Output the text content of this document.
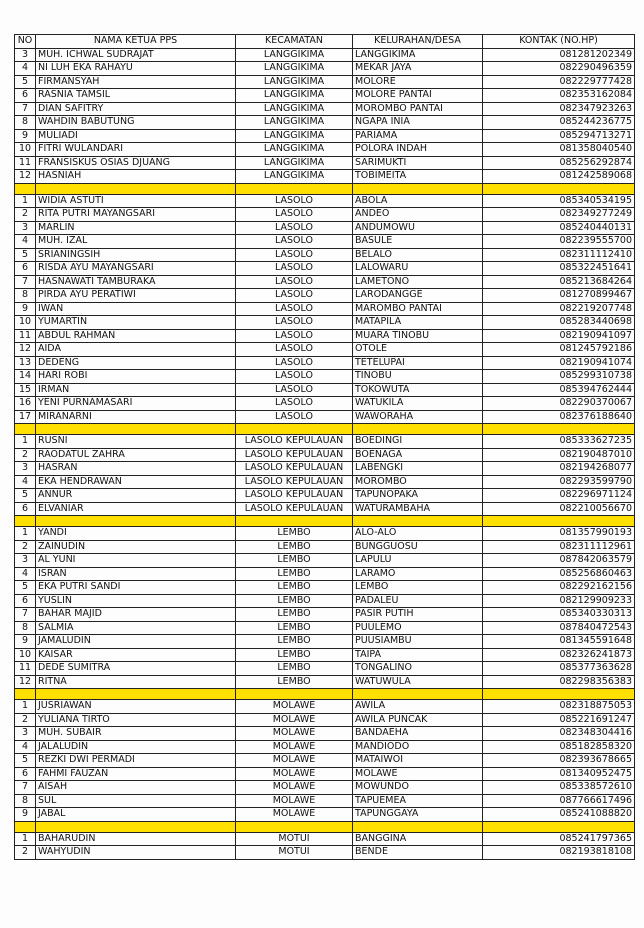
NO	NAMA KETUA PPS	KECAMATAN	KELURAHAN/DESA	KONTAK (NO.HP)
3	MUH. ICHWAL SUDRAJAT	LANGGIKIMA	LANGGIKIMA	081281202349
4	NI LUH EKA RAHAYU	LANGGIKIMA	MEKAR JAYA	082290496359
5	FIRMANSYAH	LANGGIKIMA	MOLORE	082229777428
6	RASNIA TAMSIL	LANGGIKIMA	MOLORE PANTAI	082353162084
7	DIAN SAFITRY	LANGGIKIMA	MOROMBO PANTAI	082347923263
8	WAHDIN BABUTUNG	LANGGIKIMA	NGAPA INIA	085244236775
9	MULIADI	LANGGIKIMA	PARIAMA	085294713271
10	FITRI WULANDARI	LANGGIKIMA	POLORA INDAH	081358040540
11	FRANSISKUS OSIAS DJUANG	LANGGIKIMA	SARIMUKTI	085256292874
12	HASNIAH	LANGGIKIMA	TOBIMEITA	081242589068

1	WIDIA ASTUTI	LASOLO	ABOLA	085340534195
2	RITA PUTRI MAYANGSARI	LASOLO	ANDEO	082349277249
3	MARLIN	LASOLO	ANDUMOWU	085240440131
4	MUH. IZAL	LASOLO	BASULE	082239555700
5	SRIANINGSIH	LASOLO	BELALO	082311112410
6	RISDA AYU MAYANGSARI	LASOLO	LALOWARU	085322451641
7	HASNAWATI TAMBURAKA	LASOLO	LAMETONO	085213684264
8	PIRDA AYU PERATIWI	LASOLO	LARODANGGE	081270899467
9	IWAN	LASOLO	MAROMBO PANTAI	082219207748
10	YUMARTIN	LASOLO	MATAPILA	085283440698
11	ABDUL RAHMAN	LASOLO	MUARA TINOBU	082190941097
12	AIDA	LASOLO	OTOLE	081245792186
13	DEDENG	LASOLO	TETELUPAI	082190941074
14	HARI ROBI	LASOLO	TINOBU	085299310738
15	IRMAN	LASOLO	TOKOWUTA	085394762444
16	YENI PURNAMASARI	LASOLO	WATUKILA	082290370067
17	MIRANARNI	LASOLO	WAWORAHA	082376188640

1	RUSNI	LASOLO KEPULAUAN	BOEDINGI	085333627235
2	RAODATUL ZAHRA	LASOLO KEPULAUAN	BOENAGA	082190487010
3	HASRAN	LASOLO KEPULAUAN	LABENGKI	082194268077
4	EKA HENDRAWAN	LASOLO KEPULAUAN	MOROMBO	082293599790
5	ANNUR	LASOLO KEPULAUAN	TAPUNOPAKA	082296971124
6	ELVANIAR	LASOLO KEPULAUAN	WATURAMBAHA	082210056670

1	YANDI	LEMBO	ALO-ALO	081357990193
2	ZAINUDIN	LEMBO	BUNGGUOSU	082311112961
3	AL YUNI	LEMBO	LAPULU	087842063579
4	ISRAN	LEMBO	LARAMO	085256860463
5	EKA PUTRI SANDI	LEMBO	LEMBO	082292162156
6	YUSLIN	LEMBO	PADALEU	082129909233
7	BAHAR MAJID	LEMBO	PASIR PUTIH	085340330313
8	SALMIA	LEMBO	PUULEMO	087840472543
9	JAMALUDIN	LEMBO	PUUSIAMBU	081345591648
10	KAISAR	LEMBO	TAIPA	082326241873
11	DEDE SUMITRA	LEMBO	TONGALINO	085377363628
12	RITNA	LEMBO	WATUWULA	082298356383

1	JUSRIAWAN	MOLAWE	AWILA	082318875053
2	YULIANA TIRTO	MOLAWE	AWILA PUNCAK	085221691247
3	MUH. SUBAIR	MOLAWE	BANDAEHA	082348304416
4	JALALUDIN	MOLAWE	MANDIODO	085182858320
5	REZKI DWI PERMADI	MOLAWE	MATAIWOI	082393678665
6	FAHMI FAUZAN	MOLAWE	MOLAWE	081340952475
7	AISAH	MOLAWE	MOWUNDO	085338572610
8	SUL	MOLAWE	TAPUEMEA	087766617496
9	JABAL	MOLAWE	TAPUNGGAYA	085241088820

1	BAHARUDIN	MOTUI	BANGGINA	085241797365
2	WAHYUDIN	MOTUI	BENDE	082193818108
